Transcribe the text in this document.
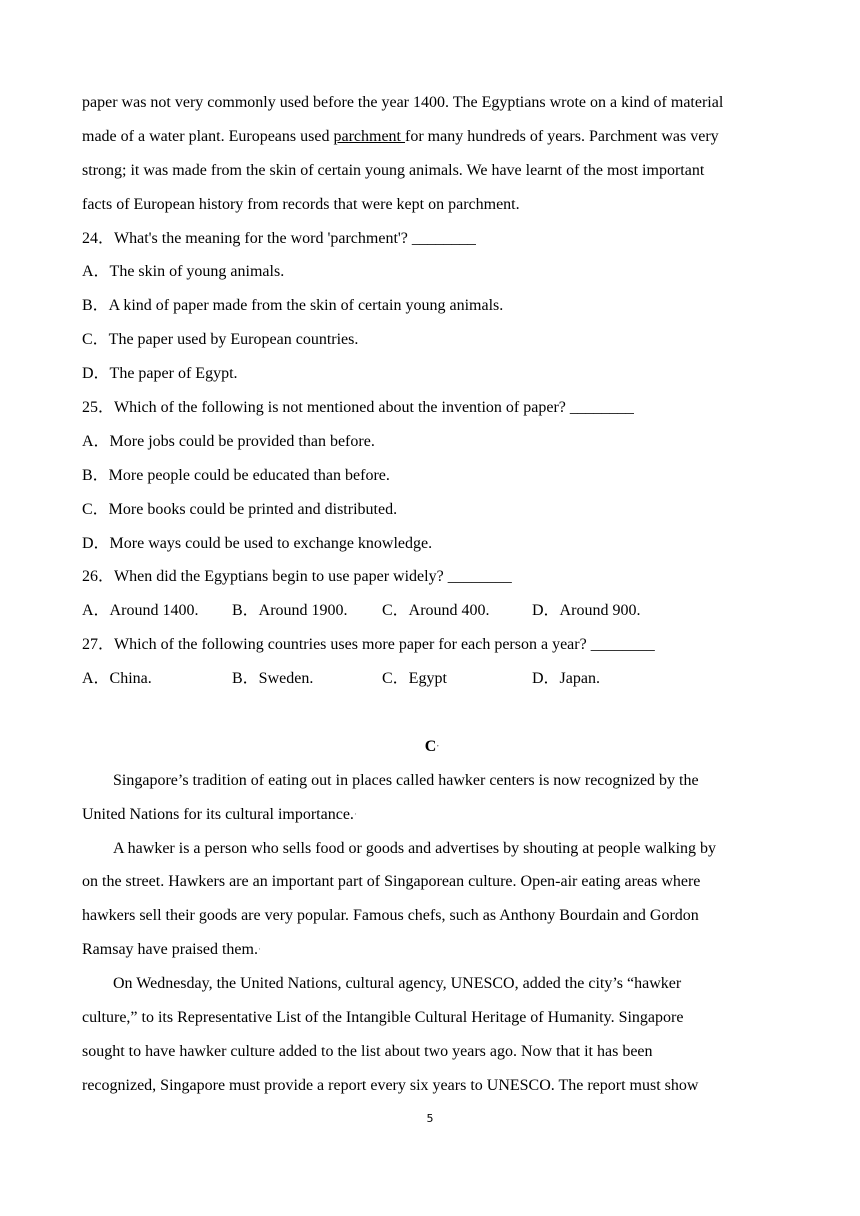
paper was not very commonly used before the year 1400. The Egyptians wrote on a kind of material

made of a water plant. Europeans used parchment for many hundreds of years. Parchment was very

strong; it was made from the skin of certain young animals. We have learnt of the most important

facts of European history from records that were kept on parchment.

24．What's the meaning for the word 'parchment'? ________

A．The skin of young animals.

B．A kind of paper made from the skin of certain young animals.

C．The paper used by European countries.

D．The paper of Egypt.

25．Which of the following is not mentioned about the invention of paper? ________

A．More jobs could be provided than before.

B．More people could be educated than before.

C．More books could be printed and distributed.

D．More ways could be used to exchange knowledge.

26．When did the Egyptians begin to use paper widely? ________

A．Around 1400.	B．Around 1900.	C．Around 400.	D．Around 900.

27．Which of the following countries uses more paper for each person a year? ________

A．China.	B．Sweden.	C．Egypt	D．Japan.

C·

Singapore’s tradition of eating out in places called hawker centers is now recognized by the

United Nations for its cultural importance.·

A hawker is a person who sells food or goods and advertises by shouting at people walking by

on the street. Hawkers are an important part of Singaporean culture. Open-air eating areas where

hawkers sell their goods are very popular. Famous chefs, such as Anthony Bourdain and Gordon

Ramsay have praised them.·

On Wednesday, the United Nations, cultural agency, UNESCO, added the city’s “hawker

culture,” to its Representative List of the Intangible Cultural Heritage of Humanity. Singapore

sought to have hawker culture added to the list about two years ago. Now that it has been

recognized, Singapore must provide a report every six years to UNESCO. The report must show

5
